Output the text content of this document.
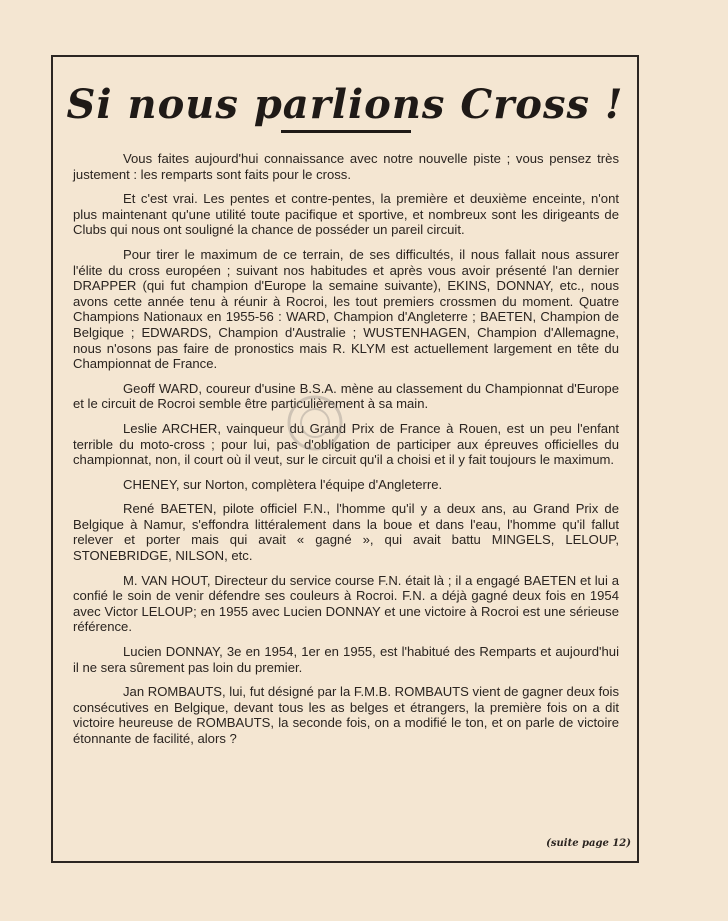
Si nous parlions Cross !

Vous faites aujourd'hui connaissance avec notre nouvelle piste ; vous pensez très justement : les remparts sont faits pour le cross.

Et c'est vrai. Les pentes et contre-pentes, la première et deuxième enceinte, n'ont plus maintenant qu'une utilité toute pacifique et sportive, et nombreux sont les dirigeants de Clubs qui nous ont souligné la chance de posséder un pareil circuit.

Pour tirer le maximum de ce terrain, de ses difficultés, il nous fallait nous assurer l'élite du cross européen ; suivant nos habitudes et après vous avoir présenté l'an dernier DRAPPER (qui fut champion d'Europe la semaine suivante), EKINS, DONNAY, etc., nous avons cette année tenu à réunir à Rocroi, les tout premiers crossmen du moment. Quatre Champions Nationaux en 1955-56 : WARD, Champion d'Angleterre ; BAETEN, Champion de Belgique ; EDWARDS, Champion d'Australie ; WUSTENHAGEN, Champion d'Allemagne, nous n'osons pas faire de pronostics mais R. KLYM est actuellement largement en tête du Championnat de France.

Geoff WARD, coureur d'usine B.S.A. mène au classement du Championnat d'Europe et le circuit de Rocroi semble être particulièrement à sa main.

Leslie ARCHER, vainqueur du Grand Prix de France à Rouen, est un peu l'enfant terrible du moto-cross ; pour lui, pas d'obligation de participer aux épreuves officielles du championnat, non, il court où il veut, sur le circuit qu'il a choisi et il y fait toujours le maximum.

CHENEY, sur Norton, complètera l'équipe d'Angleterre.

René BAETEN, pilote officiel F.N., l'homme qu'il y a deux ans, au Grand Prix de Belgique à Namur, s'effondra littéralement dans la boue et dans l'eau, l'homme qu'il fallut relever et porter mais qui avait « gagné », qui avait battu MINGELS, LELOUP, STONEBRIDGE, NILSON, etc.

M. VAN HOUT, Directeur du service course F.N. était là ; il a engagé BAETEN et lui a confié le soin de venir défendre ses couleurs à Rocroi. F.N. a déjà gagné deux fois en 1954 avec Victor LELOUP; en 1955 avec Lucien DONNAY et une victoire à Rocroi est une sérieuse référence.

Lucien DONNAY, 3e en 1954, 1er en 1955, est l'habitué des Remparts et aujourd'hui il ne sera sûrement pas loin du premier.

Jan ROMBAUTS, lui, fut désigné par la F.M.B. ROMBAUTS vient de gagner deux fois consécutives en Belgique, devant tous les as belges et étrangers, la première fois on a dit victoire heureuse de ROMBAUTS, la seconde fois, on a modifié le ton, et on parle de victoire étonnante de facilité, alors ?

(suite page 12)
